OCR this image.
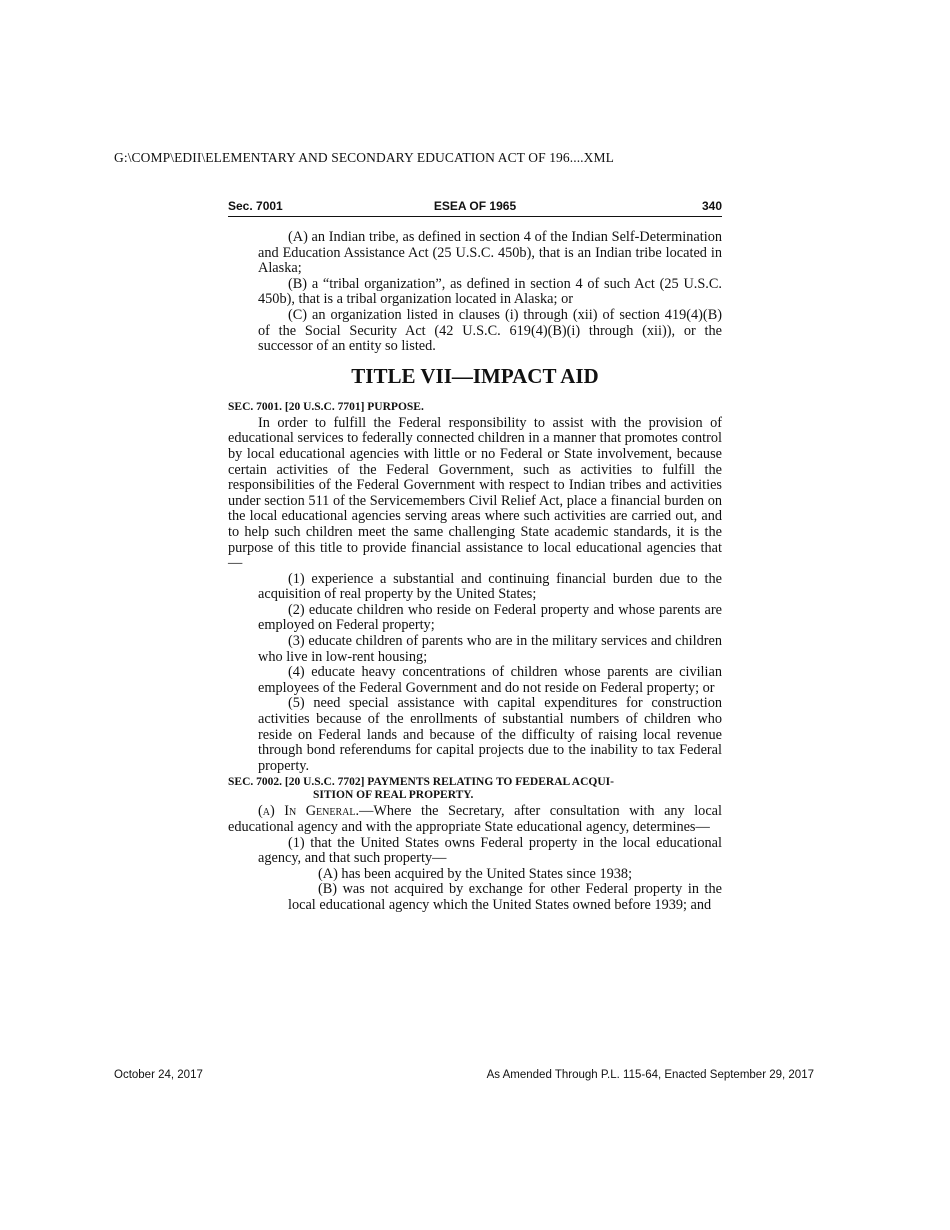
G:\COMP\EDII\ELEMENTARY AND SECONDARY EDUCATION ACT OF 196....XML
Sec. 7001	ESEA OF 1965	340

(A) an Indian tribe, as defined in section 4 of the Indian Self-Determination and Education Assistance Act (25 U.S.C. 450b), that is an Indian tribe located in Alaska;

(B) a “tribal organization”, as defined in section 4 of such Act (25 U.S.C. 450b), that is a tribal organization located in Alaska; or

(C) an organization listed in clauses (i) through (xii) of section 419(4)(B) of the Social Security Act (42 U.S.C. 619(4)(B)(i) through (xii)), or the successor of an entity so listed.

TITLE VII—IMPACT AID

SEC. 7001. [20 U.S.C. 7701] PURPOSE.

In order to fulfill the Federal responsibility to assist with the provision of educational services to federally connected children in a manner that promotes control by local educational agencies with little or no Federal or State involvement, because certain activities of the Federal Government, such as activities to fulfill the responsibilities of the Federal Government with respect to Indian tribes and activities under section 511 of the Servicemembers Civil Relief Act, place a financial burden on the local educational agencies serving areas where such activities are carried out, and to help such children meet the same challenging State academic standards, it is the purpose of this title to provide financial assistance to local educational agencies that—

(1) experience a substantial and continuing financial burden due to the acquisition of real property by the United States;

(2) educate children who reside on Federal property and whose parents are employed on Federal property;

(3) educate children of parents who are in the military services and children who live in low-rent housing;

(4) educate heavy concentrations of children whose parents are civilian employees of the Federal Government and do not reside on Federal property; or

(5) need special assistance with capital expenditures for construction activities because of the enrollments of substantial numbers of children who reside on Federal lands and because of the difficulty of raising local revenue through bond referendums for capital projects due to the inability to tax Federal property.

SEC. 7002. [20 U.S.C. 7702] PAYMENTS RELATING TO FEDERAL ACQUI-
SITION OF REAL PROPERTY.

(a) In General.—Where the Secretary, after consultation with any local educational agency and with the appropriate State educational agency, determines—

(1) that the United States owns Federal property in the local educational agency, and that such property—

(A) has been acquired by the United States since 1938;

(B) was not acquired by exchange for other Federal property in the local educational agency which the United States owned before 1939; and

October 24, 2017	As Amended Through P.L. 115-64, Enacted September 29, 2017
